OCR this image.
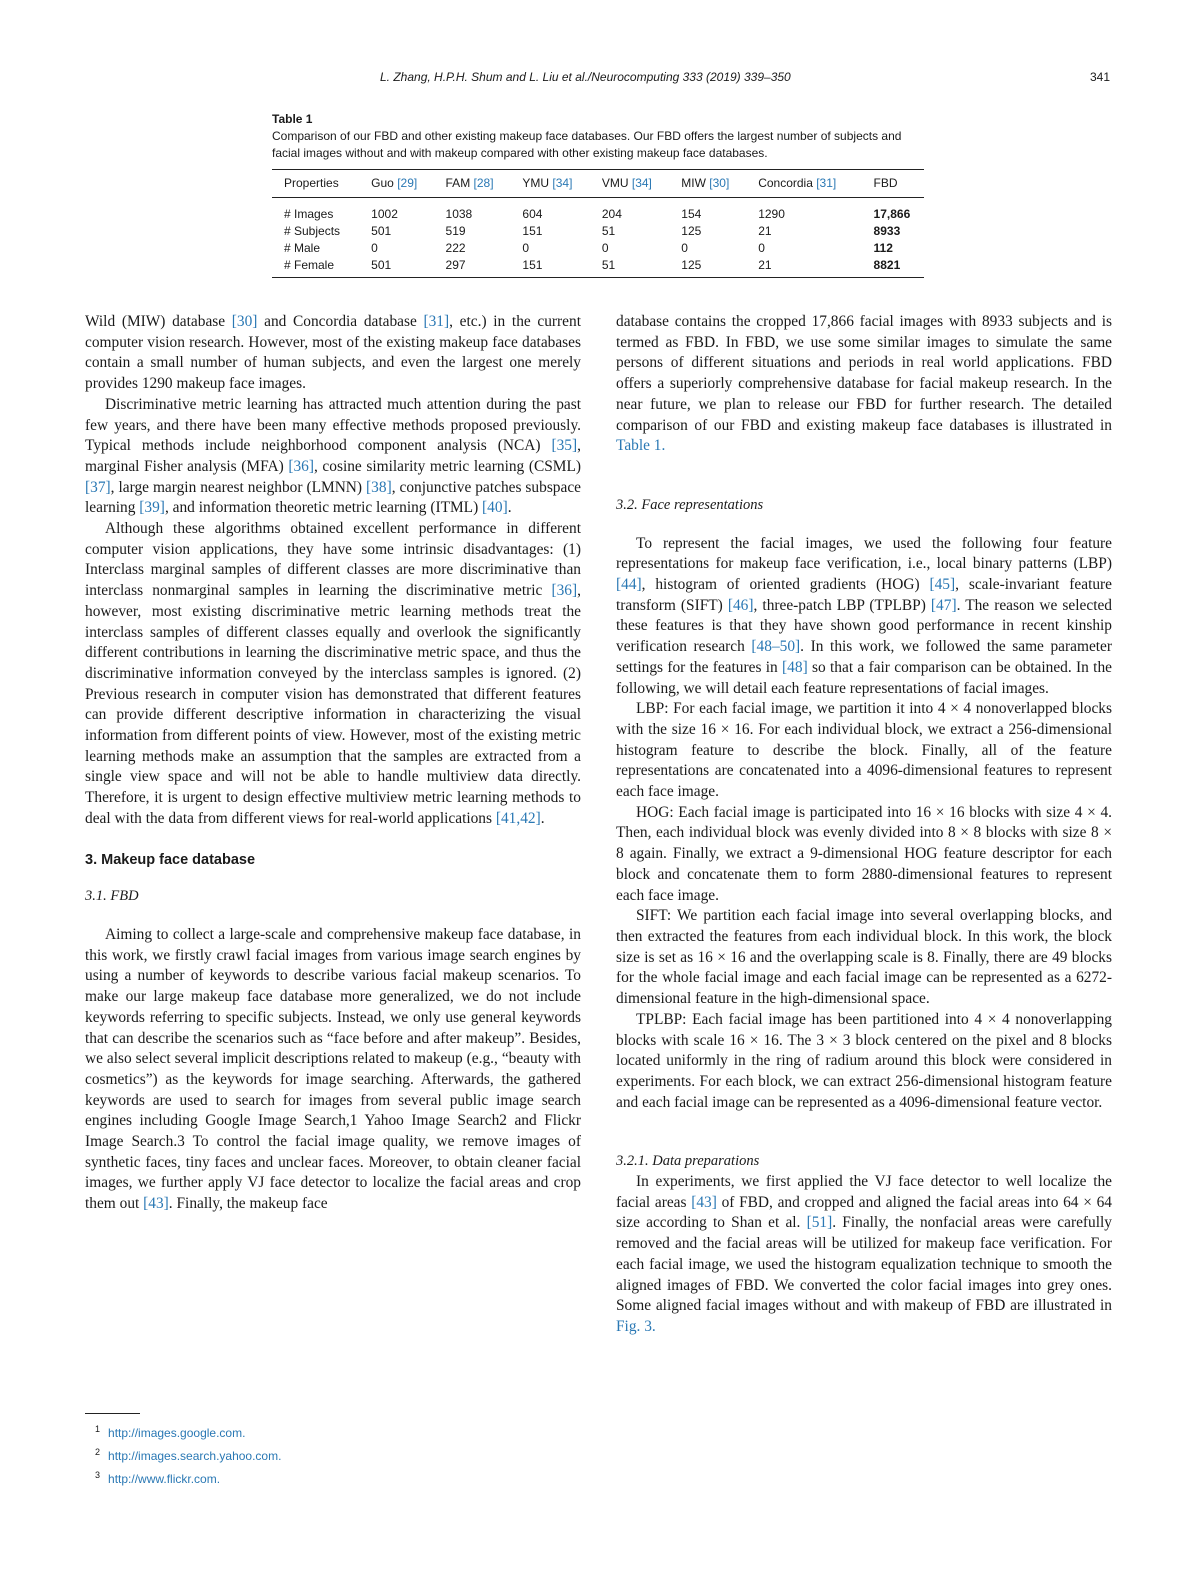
L. Zhang, H.P.H. Shum and L. Liu et al./Neurocomputing 333 (2019) 339–350	341
Table 1
Comparison of our FBD and other existing makeup face databases. Our FBD offers the largest number of subjects and facial images without and with makeup compared with other existing makeup face databases.
Properties	Guo [29]	FAM [28]	YMU [34]	VMU [34]	MIW [30]	Concordia [31]	FBD
# Images	1002	1038	604	204	154	1290	17,866
# Subjects	501	519	151	51	125	21	8933
# Male	0	222	0	0	0	0	112
# Female	501	297	151	51	125	21	8821

Wild (MIW) database [30] and Concordia database [31], etc.) in the current computer vision research. However, most of the existing makeup face databases contain a small number of human subjects, and even the largest one merely provides 1290 makeup face images.

Discriminative metric learning has attracted much attention during the past few years, and there have been many effective methods proposed previously. Typical methods include neighborhood component analysis (NCA) [35], marginal Fisher analysis (MFA) [36], cosine similarity metric learning (CSML) [37], large margin nearest neighbor (LMNN) [38], conjunctive patches subspace learning [39], and information theoretic metric learning (ITML) [40].

Although these algorithms obtained excellent performance in different computer vision applications, they have some intrinsic disadvantages: (1) Interclass marginal samples of different classes are more discriminative than interclass nonmarginal samples in learning the discriminative metric [36], however, most existing discriminative metric learning methods treat the interclass samples of different classes equally and overlook the significantly different contributions in learning the discriminative metric space, and thus the discriminative information conveyed by the interclass samples is ignored. (2) Previous research in computer vision has demonstrated that different features can provide different descriptive information in characterizing the visual information from different points of view. However, most of the existing metric learning methods make an assumption that the samples are extracted from a single view space and will not be able to handle multiview data directly. Therefore, it is urgent to design effective multiview metric learning methods to deal with the data from different views for real-world applications [41,42].

3. Makeup face database
3.1. FBD

Aiming to collect a large-scale and comprehensive makeup face database, in this work, we firstly crawl facial images from various image search engines by using a number of keywords to describe various facial makeup scenarios. To make our large makeup face database more generalized, we do not include keywords referring to specific subjects. Instead, we only use general keywords that can describe the scenarios such as “face before and after makeup”. Besides, we also select several implicit descriptions related to makeup (e.g., “beauty with cosmetics”) as the keywords for image searching. Afterwards, the gathered keywords are used to search for images from several public image search engines including Google Image Search,1 Yahoo Image Search2 and Flickr Image Search.3 To control the facial image quality, we remove images of synthetic faces, tiny faces and unclear faces. Moreover, to obtain cleaner facial images, we further apply VJ face detector to localize the facial areas and crop them out [43]. Finally, the makeup face

database contains the cropped 17,866 facial images with 8933 subjects and is termed as FBD. In FBD, we use some similar images to simulate the same persons of different situations and periods in real world applications. FBD offers a superiorly comprehensive database for facial makeup research. In the near future, we plan to release our FBD for further research. The detailed comparison of our FBD and existing makeup face databases is illustrated in Table 1.

3.2. Face representations

To represent the facial images, we used the following four feature representations for makeup face verification, i.e., local binary patterns (LBP) [44], histogram of oriented gradients (HOG) [45], scale-invariant feature transform (SIFT) [46], three-patch LBP (TPLBP) [47]. The reason we selected these features is that they have shown good performance in recent kinship verification research [48–50]. In this work, we followed the same parameter settings for the features in [48] so that a fair comparison can be obtained. In the following, we will detail each feature representations of facial images.

LBP: For each facial image, we partition it into 4 × 4 nonoverlapped blocks with the size 16 × 16. For each individual block, we extract a 256-dimensional histogram feature to describe the block. Finally, all of the feature representations are concatenated into a 4096-dimensional features to represent each face image.

HOG: Each facial image is participated into 16 × 16 blocks with size 4 × 4. Then, each individual block was evenly divided into 8 × 8 blocks with size 8 × 8 again. Finally, we extract a 9-dimensional HOG feature descriptor for each block and concatenate them to form 2880-dimensional features to represent each face image.

SIFT: We partition each facial image into several overlapping blocks, and then extracted the features from each individual block. In this work, the block size is set as 16 × 16 and the overlapping scale is 8. Finally, there are 49 blocks for the whole facial image and each facial image can be represented as a 6272-dimensional feature in the high-dimensional space.

TPLBP: Each facial image has been partitioned into 4 × 4 nonoverlapping blocks with scale 16 × 16. The 3 × 3 block centered on the pixel and 8 blocks located uniformly in the ring of radium around this block were considered in experiments. For each block, we can extract 256-dimensional histogram feature and each facial image can be represented as a 4096-dimensional feature vector.

3.2.1. Data preparations

In experiments, we first applied the VJ face detector to well localize the facial areas [43] of FBD, and cropped and aligned the facial areas into 64 × 64 size according to Shan et al. [51]. Finally, the nonfacial areas were carefully removed and the facial areas will be utilized for makeup face verification. For each facial image, we used the histogram equalization technique to smooth the aligned images of FBD. We converted the color facial images into grey ones. Some aligned facial images without and with makeup of FBD are illustrated in Fig. 3.

$^1$ http://images.google.com.
$^2$ http://images.search.yahoo.com.
$^3$ http://www.flickr.com.
